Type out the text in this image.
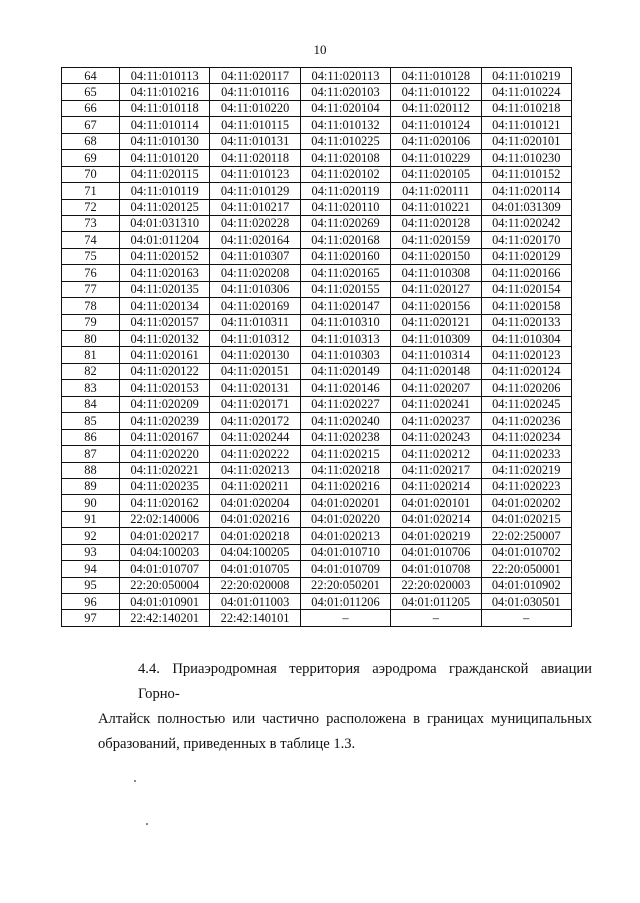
10
64	04:11:010113	04:11:020117	04:11:020113	04:11:010128	04:11:010219
65	04:11:010216	04:11:010116	04:11:020103	04:11:010122	04:11:010224
66	04:11:010118	04:11:010220	04:11:020104	04:11:020112	04:11:010218
67	04:11:010114	04:11:010115	04:11:010132	04:11:010124	04:11:010121
68	04:11:010130	04:11:010131	04:11:010225	04:11:020106	04:11:020101
69	04:11:010120	04:11:020118	04:11:020108	04:11:010229	04:11:010230
70	04:11:020115	04:11:010123	04:11:020102	04:11:020105	04:11:010152
71	04:11:010119	04:11:010129	04:11:020119	04:11:020111	04:11:020114
72	04:11:020125	04:11:010217	04:11:020110	04:11:010221	04:01:031309
73	04:01:031310	04:11:020228	04:11:020269	04:11:020128	04:11:020242
74	04:01:011204	04:11:020164	04:11:020168	04:11:020159	04:11:020170
75	04:11:020152	04:11:010307	04:11:020160	04:11:020150	04:11:020129
76	04:11:020163	04:11:020208	04:11:020165	04:11:010308	04:11:020166
77	04:11:020135	04:11:010306	04:11:020155	04:11:020127	04:11:020154
78	04:11:020134	04:11:020169	04:11:020147	04:11:020156	04:11:020158
79	04:11:020157	04:11:010311	04:11:010310	04:11:020121	04:11:020133
80	04:11:020132	04:11:010312	04:11:010313	04:11:010309	04:11:010304
81	04:11:020161	04:11:020130	04:11:010303	04:11:010314	04:11:020123
82	04:11:020122	04:11:020151	04:11:020149	04:11:020148	04:11:020124
83	04:11:020153	04:11:020131	04:11:020146	04:11:020207	04:11:020206
84	04:11:020209	04:11:020171	04:11:020227	04:11:020241	04:11:020245
85	04:11:020239	04:11:020172	04:11:020240	04:11:020237	04:11:020236
86	04:11:020167	04:11:020244	04:11:020238	04:11:020243	04:11:020234
87	04:11:020220	04:11:020222	04:11:020215	04:11:020212	04:11:020233
88	04:11:020221	04:11:020213	04:11:020218	04:11:020217	04:11:020219
89	04:11:020235	04:11:020211	04:11:020216	04:11:020214	04:11:020223
90	04:11:020162	04:01:020204	04:01:020201	04:01:020101	04:01:020202
91	22:02:140006	04:01:020216	04:01:020220	04:01:020214	04:01:020215
92	04:01:020217	04:01:020218	04:01:020213	04:01:020219	22:02:250007
93	04:04:100203	04:04:100205	04:01:010710	04:01:010706	04:01:010702
94	04:01:010707	04:01:010705	04:01:010709	04:01:010708	22:20:050001
95	22:20:050004	22:20:020008	22:20:050201	22:20:020003	04:01:010902
96	04:01:010901	04:01:011003	04:01:011206	04:01:011205	04:01:030501
97	22:42:140201	22:42:140101	–	–	–

4.4. Приаэродромная территория аэродрома гражданской авиации Горно-
Алтайск полностью или частично расположена в границах муниципальных
образований, приведенных в таблице 1.3.
